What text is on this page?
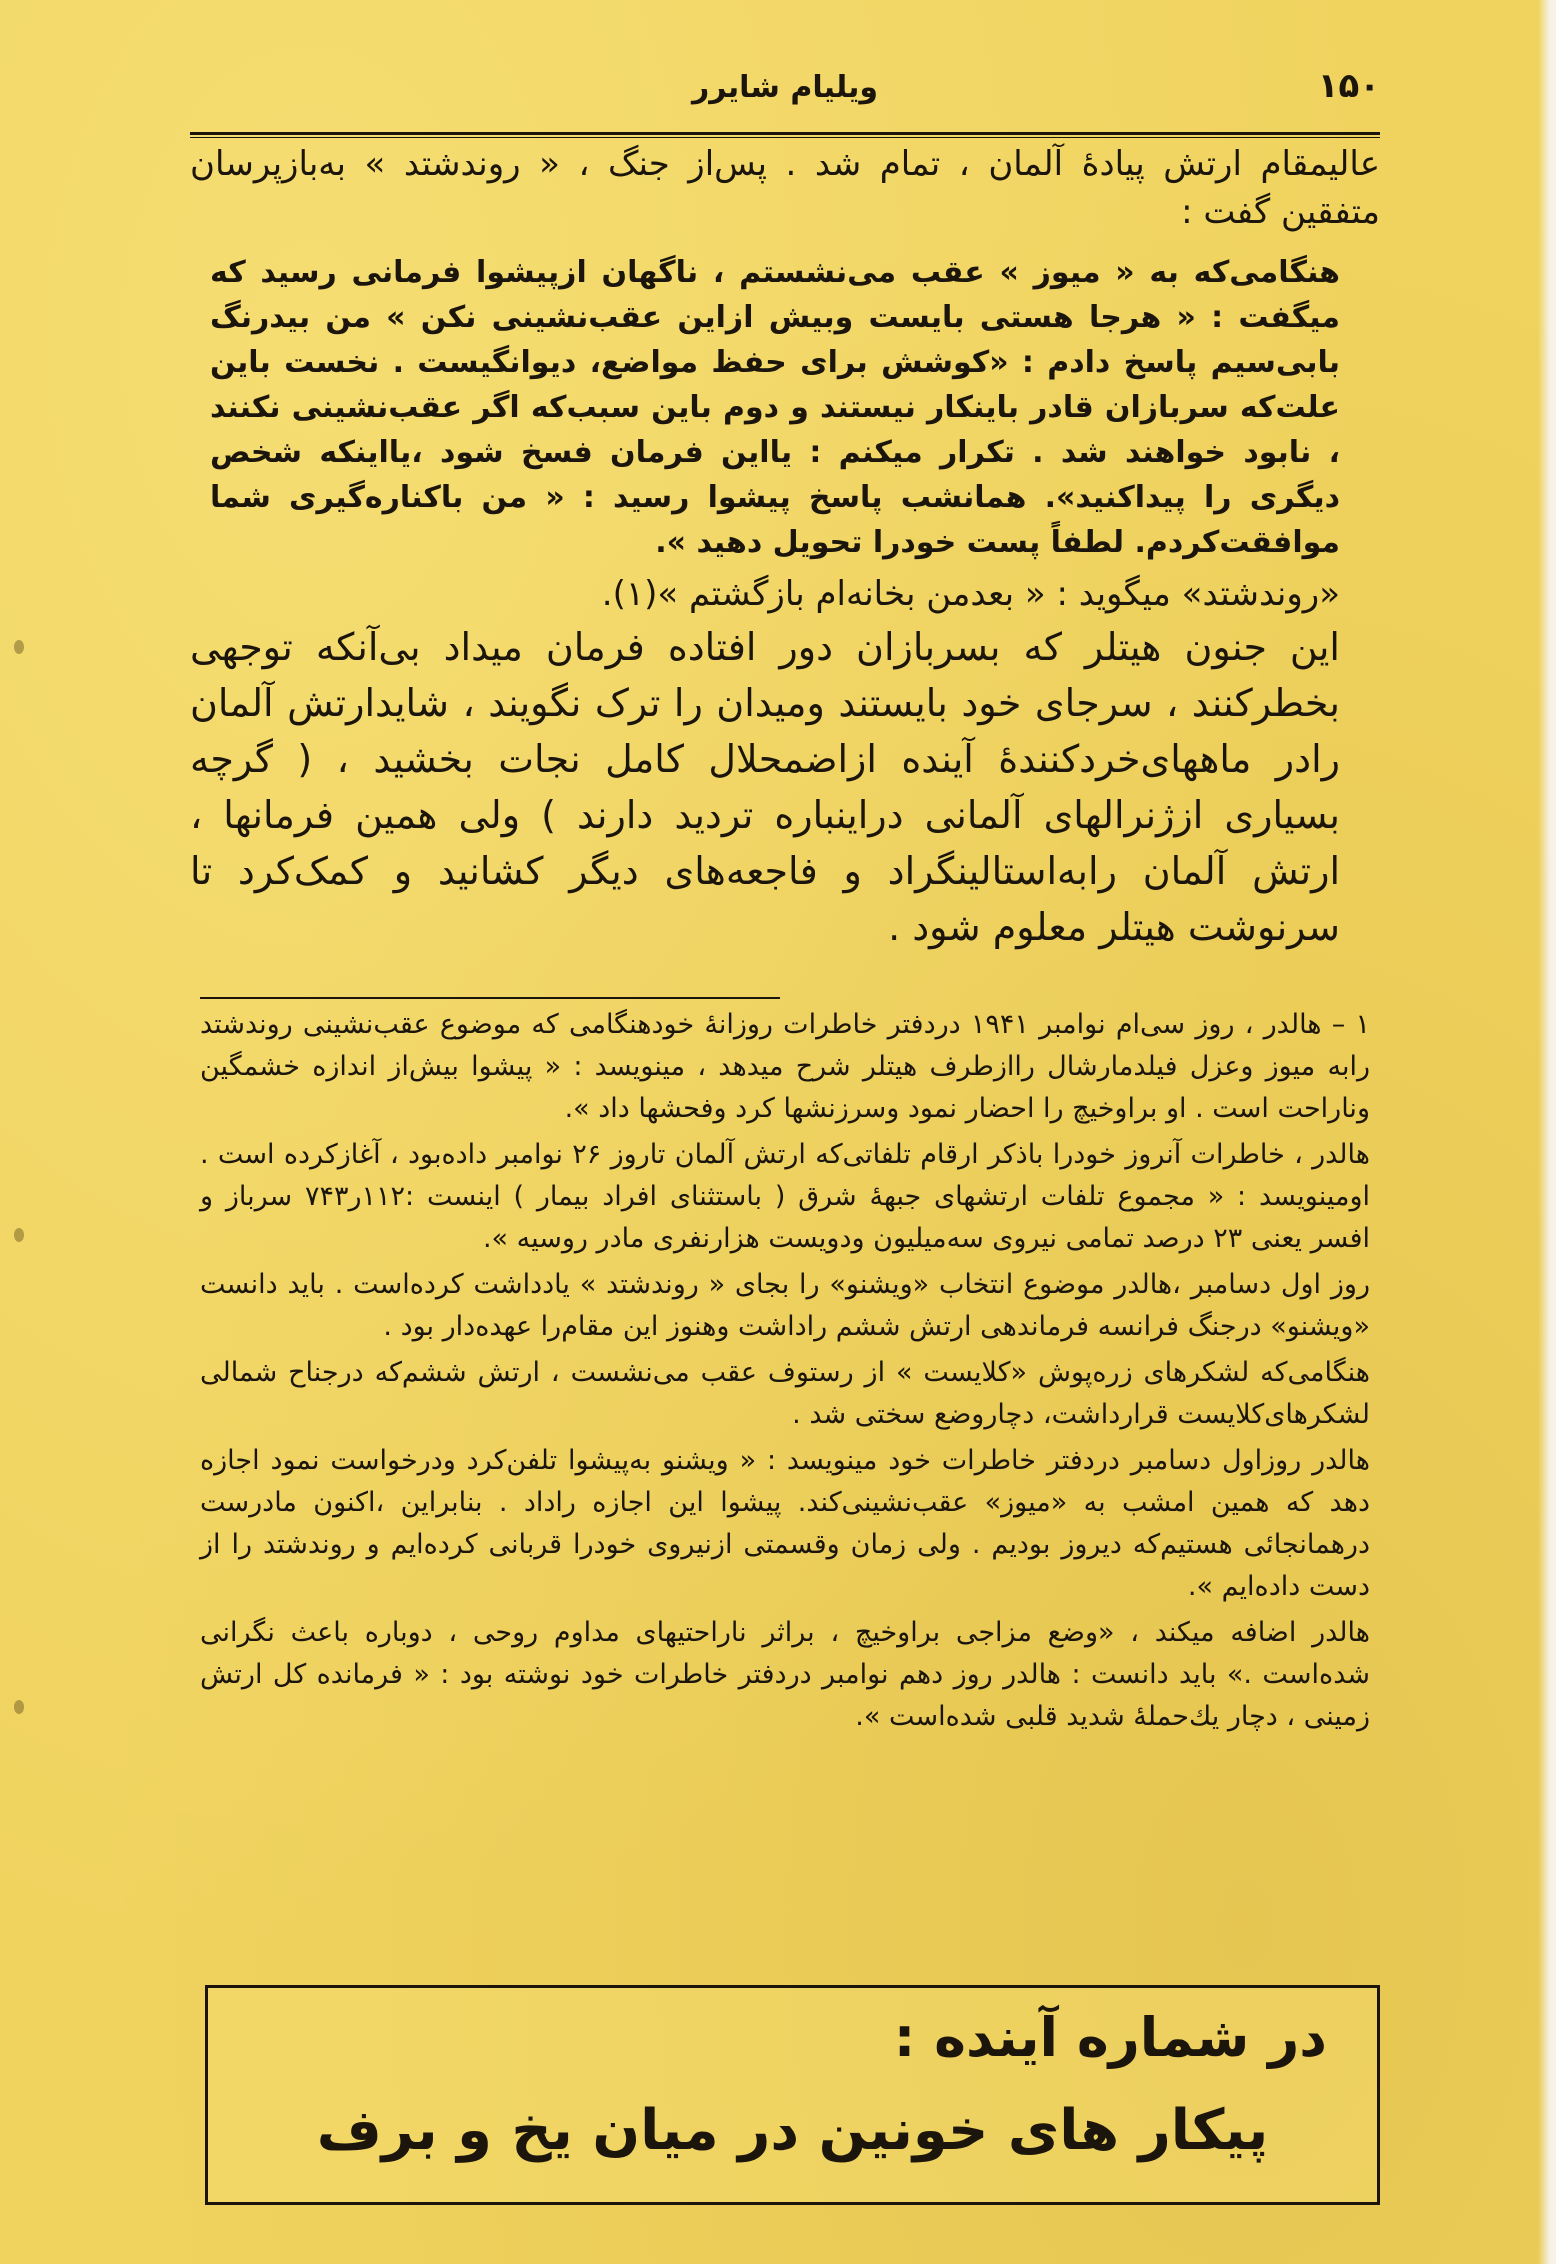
۱۵۰
ویلیام شایرر

عالیمقام ارتش پیادهٔ آلمان ، تمام شد . پس‌از جنگ ، « روندشتد » به‌بازپرسان متفقین گفت :

هنگامی‌که به « میوز » عقب می‌نشستم ، ناگهان ازپیشوا فرمانی رسید که میگفت : « هرجا هستی بایست وبیش ازاین عقب‌نشینی نکن » من بیدرنگ بابی‌سیم پاسخ دادم : «کوشش برای حفظ مواضع، دیوانگیست . نخست باین علت‌که سربازان قادر باینکار نیستند و دوم باین سبب‌که اگر عقب‌نشینی نکنند ، نابود خواهند شد . تکرار میکنم : یااین فرمان فسخ شود ،یااینکه شخص دیگری را پیداکنید». همانشب پاسخ پیشوا رسید : « من باکناره‌گیری شما موافقت‌کردم. لطفاً پست خودرا تحویل دهید ».

«روندشتد» میگوید : « بعدمن بخانه‌ام بازگشتم »(۱).

این جنون هیتلر که بسربازان دور افتاده فرمان میداد بی‌آنکه توجهی بخطرکنند ، سرجای خود بایستند ومیدان را ترک نگویند ، شایدارتش آلمان رادر ماههای‌خردکنندهٔ آینده ازاضمحلال کامل نجات بخشید ، ( گرچه بسیاری ازژنرالهای آلمانی دراینباره تردید دارند ) ولی همین فرمانها ، ارتش آلمان رابه‌استالینگراد و فاجعه‌های دیگر کشانید و کمک‌کرد تا سرنوشت هیتلر معلوم شود .

۱ – هالدر ، روز سی‌ام نوامبر ۱۹۴۱ دردفتر خاطرات روزانهٔ خودهنگامی که موضوع عقب‌نشینی روندشتد رابه میوز وعزل فیلدمارشال راازطرف هیتلر شرح میدهد ، مینویسد : « پیشوا بیش‌از اندازه خشمگین وناراحت است . او براوخیچ را احضار نمود وسرزنشها کرد وفحشها داد ».

هالدر ، خاطرات آنروز خودرا باذکر ارقام تلفاتی‌که ارتش آلمان تاروز ۲۶ نوامبر داده‌بود ، آغازکرده است . اومینویسد : « مجموع تلفات ارتشهای جبههٔ شرق ( باستثنای افراد بیمار ) اینست :۱۱۲ر۷۴۳ سرباز و افسر یعنی ۲۳ درصد تمامی نیروی سه‌میلیون ودویست هزارنفری مادر روسیه ».

روز اول دسامبر ،هالدر موضوع انتخاب «ویشنو» را بجای « روندشتد » یادداشت کرده‌است . باید دانست «ویشنو» درجنگ فرانسه فرماندهی ارتش ششم راداشت وهنوز این مقام‌را عهده‌دار بود .

هنگامی‌که لشکرهای زره‌پوش «کلایست » از رستوف عقب می‌نشست ، ارتش ششم‌که درجناح شمالی لشکرهای‌کلایست قرارداشت، دچاروضع سختی شد .

هالدر روزاول دسامبر دردفتر خاطرات خود مینویسد : « ویشنو به‌پیشوا تلفن‌کرد ودرخواست نمود اجازه دهد که همین امشب به «میوز» عقب‌نشینی‌کند. پیشوا این اجازه راداد . بنابراین ،اکنون مادرست درهمانجائی هستیم‌که دیروز بودیم . ولی زمان وقسمتی ازنیروی خودرا قربانی کرده‌ایم و روندشتد را از دست داده‌ایم ».

هالدر اضافه میکند ، «وضع مزاجی براوخیچ ، براثر ناراحتیهای مداوم روحی ، دوباره باعث نگرانی شده‌است .» باید دانست : هالدر روز دهم نوامبر دردفتر خاطرات خود نوشته بود : « فرمانده کل ارتش زمینی ، دچار یك‌حملهٔ شدید قلبی شده‌است ».

در شماره آینده :
پیکار های خونین در میان یخ و برف
